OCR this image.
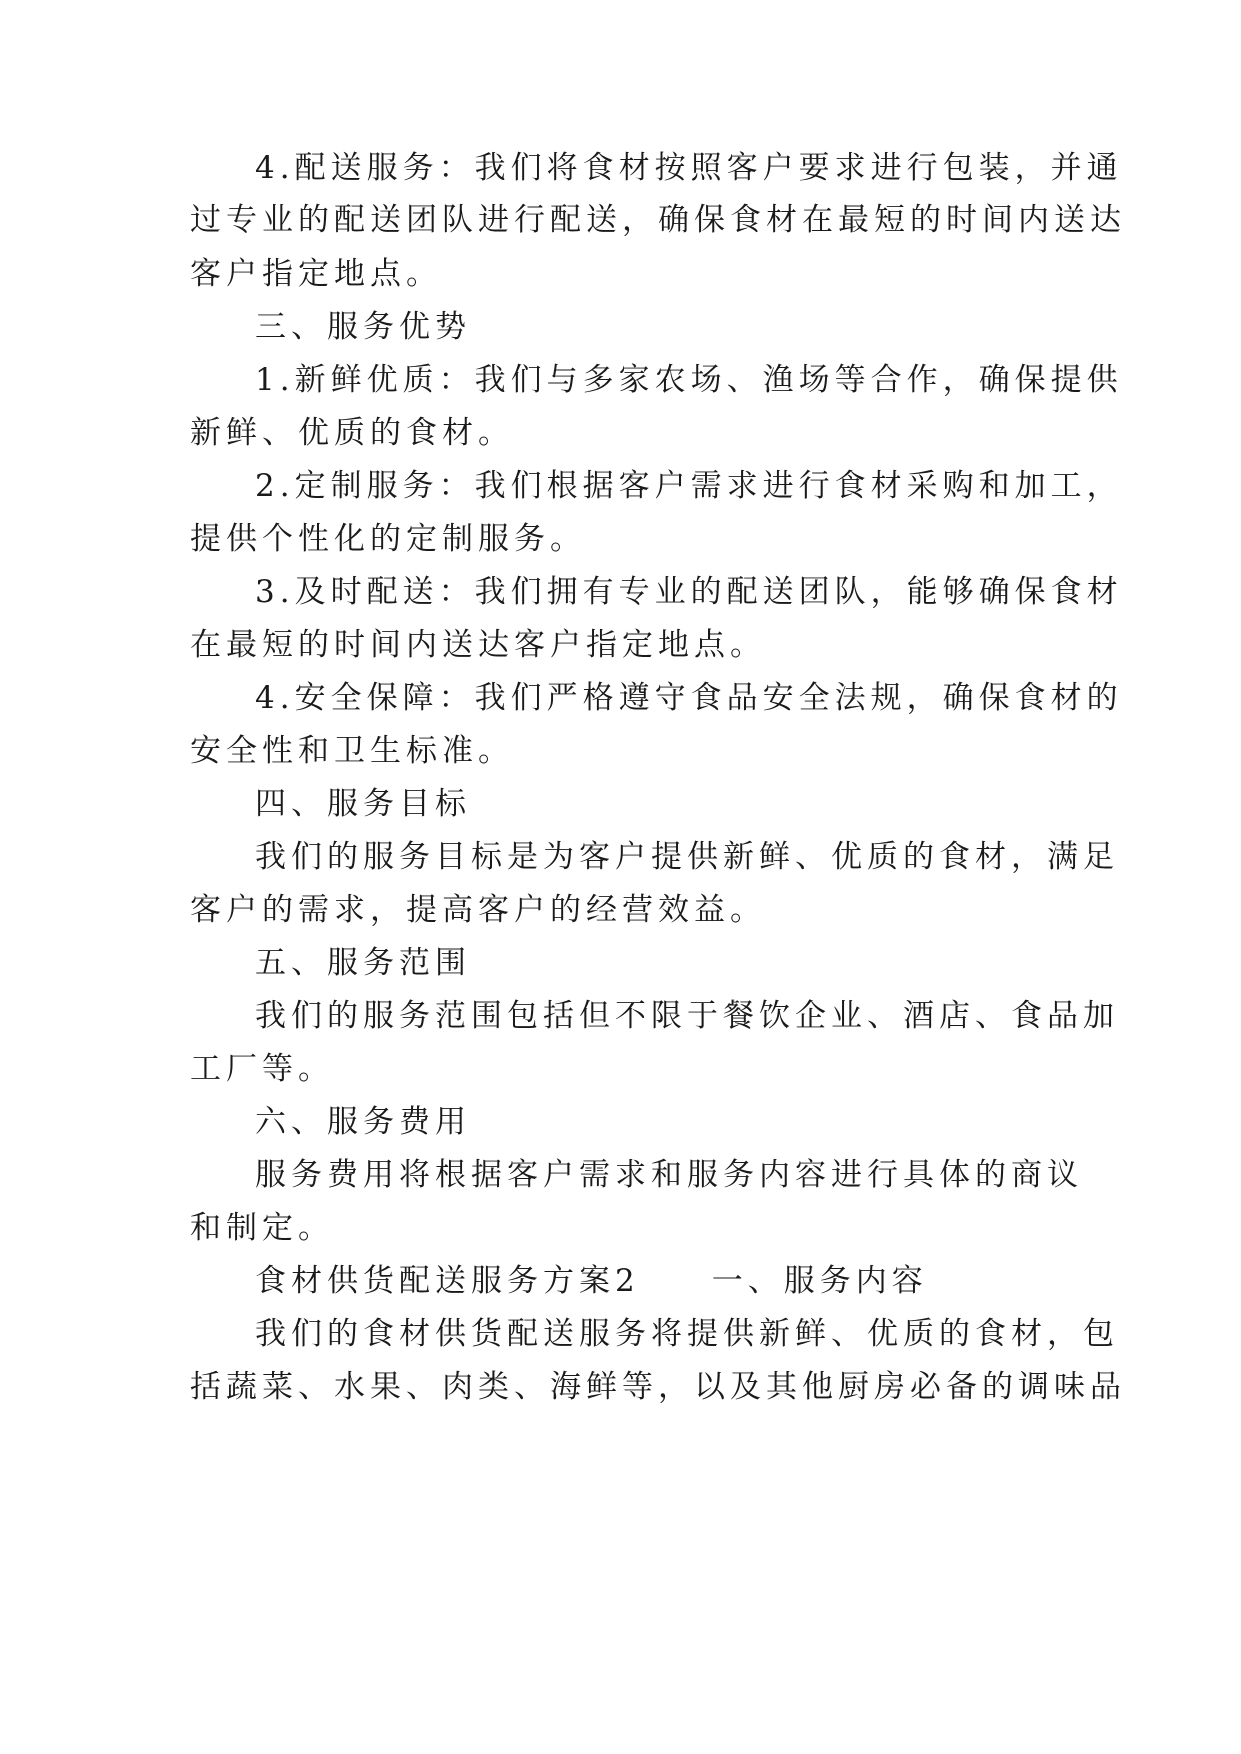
4.配送服务：我们将食材按照客户要求进行包装，并通
过专业的配送团队进行配送，确保食材在最短的时间内送达
客户指定地点。
三、服务优势
1.新鲜优质：我们与多家农场、渔场等合作，确保提供
新鲜、优质的食材。
2.定制服务：我们根据客户需求进行食材采购和加工，
提供个性化的定制服务。
3.及时配送：我们拥有专业的配送团队，能够确保食材
在最短的时间内送达客户指定地点。
4.安全保障：我们严格遵守食品安全法规，确保食材的
安全性和卫生标准。
四、服务目标
我们的服务目标是为客户提供新鲜、优质的食材，满足
客户的需求，提高客户的经营效益。
五、服务范围
我们的服务范围包括但不限于餐饮企业、酒店、食品加
工厂等。
六、服务费用
服务费用将根据客户需求和服务内容进行具体的商议
和制定。
食材供货配送服务方案2　　一、服务内容
我们的食材供货配送服务将提供新鲜、优质的食材，包
括蔬菜、水果、肉类、海鲜等，以及其他厨房必备的调味品
